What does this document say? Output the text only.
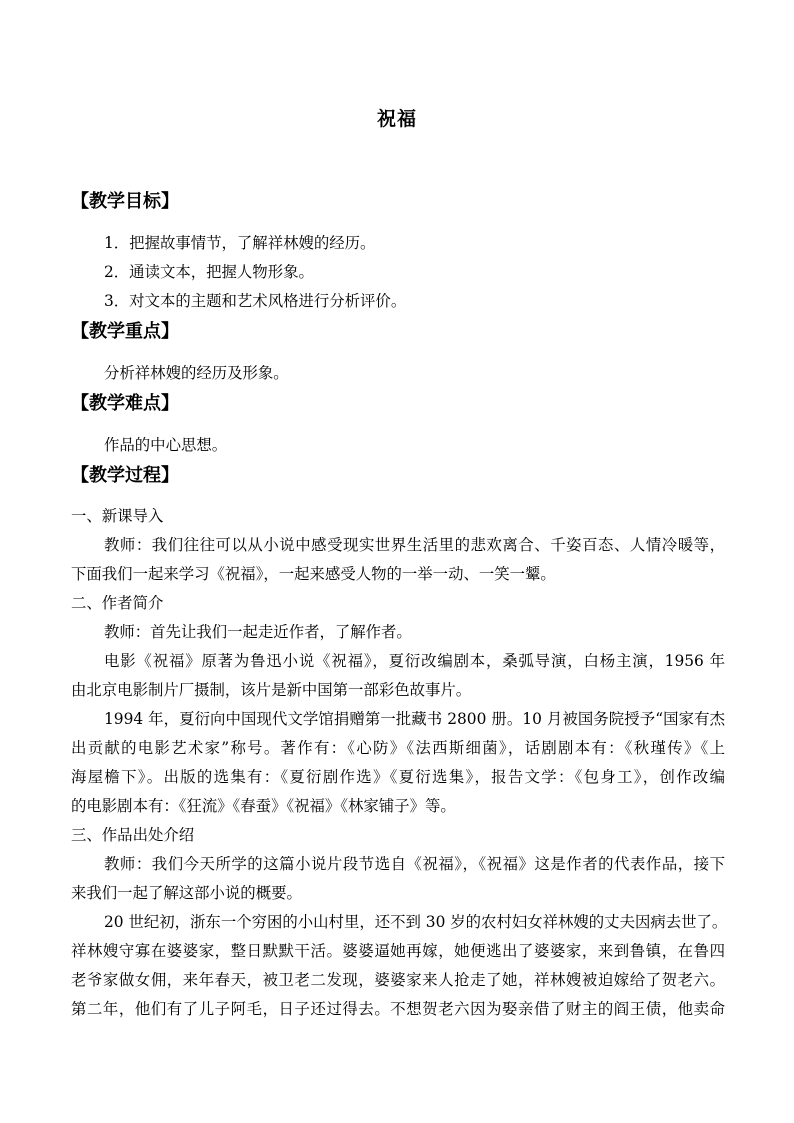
祝福
【教学目标】
1．把握故事情节，了解祥林嫂的经历。
2．通读文本，把握人物形象。
3．对文本的主题和艺术风格进行分析评价。
【教学重点】
分析祥林嫂的经历及形象。
【教学难点】
作品的中心思想。
【教学过程】
一、新课导入
教师：我们往往可以从小说中感受现实世界生活里的悲欢离合、千姿百态、人情冷暖等，
下面我们一起来学习《祝福》，一起来感受人物的一举一动、一笑一颦。
二、作者简介
教师：首先让我们一起走近作者，了解作者。
电影《祝福》原著为鲁迅小说《祝福》，夏衍改编剧本，桑弧导演，白杨主演，1956 年
由北京电影制片厂摄制，该片是新中国第一部彩色故事片。
1994 年，夏衍向中国现代文学馆捐赠第一批藏书 2800 册。10 月被国务院授予“国家有杰
出贡献的电影艺术家”称号。著作有：《心防》《法西斯细菌》，话剧剧本有：《秋瑾传》《上
海屋檐下》。出版的选集有：《夏衍剧作选》《夏衍选集》，报告文学：《包身工》，创作改编
的电影剧本有：《狂流》《春蚕》《祝福》《林家铺子》等。
三、作品出处介绍
教师：我们今天所学的这篇小说片段节选自《祝福》，《祝福》这是作者的代表作品，接下
来我们一起了解这部小说的概要。
20 世纪初，浙东一个穷困的小山村里，还不到 30 岁的农村妇女祥林嫂的丈夫因病去世了。
祥林嫂守寡在婆婆家，整日默默干活。婆婆逼她再嫁，她便逃出了婆婆家，来到鲁镇，在鲁四
老爷家做女佣，来年春天，被卫老二发现，婆婆家来人抢走了她，祥林嫂被迫嫁给了贺老六。
第二年，他们有了儿子阿毛，日子还过得去。不想贺老六因为娶亲借了财主的阎王债，他卖命
